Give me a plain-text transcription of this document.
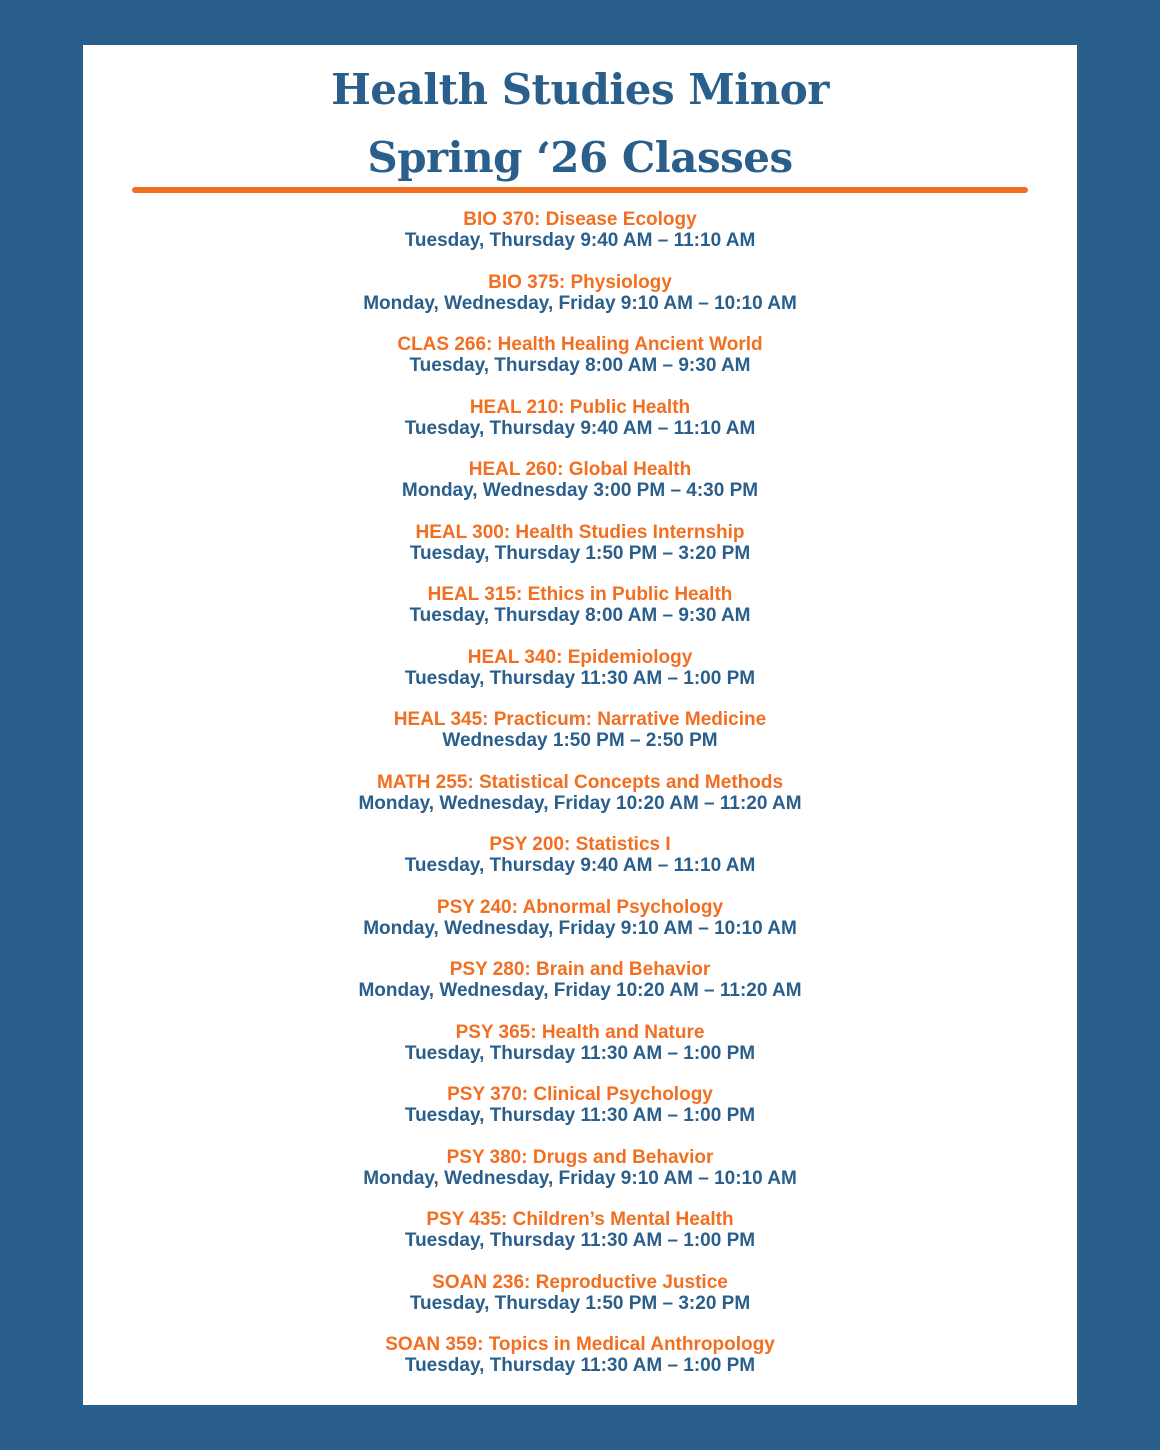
Health Studies Minor
Spring ‘26 Classes
BIO 370: Disease Ecology
Tuesday, Thursday 9:40 AM – 11:10 AM
BIO 375: Physiology
Monday, Wednesday, Friday 9:10 AM – 10:10 AM
CLAS 266: Health Healing Ancient World
Tuesday, Thursday 8:00 AM – 9:30 AM
HEAL 210: Public Health
Tuesday, Thursday 9:40 AM – 11:10 AM
HEAL 260: Global Health
Monday, Wednesday 3:00 PM – 4:30 PM
HEAL 300: Health Studies Internship
Tuesday, Thursday 1:50 PM – 3:20 PM
HEAL 315: Ethics in Public Health
Tuesday, Thursday 8:00 AM – 9:30 AM
HEAL 340: Epidemiology
Tuesday, Thursday 11:30 AM – 1:00 PM
HEAL 345: Practicum: Narrative Medicine
Wednesday 1:50 PM – 2:50 PM
MATH 255: Statistical Concepts and Methods
Monday, Wednesday, Friday 10:20 AM – 11:20 AM
PSY 200: Statistics I
Tuesday, Thursday 9:40 AM – 11:10 AM
PSY 240: Abnormal Psychology
Monday, Wednesday, Friday 9:10 AM – 10:10 AM
PSY 280: Brain and Behavior
Monday, Wednesday, Friday 10:20 AM – 11:20 AM
PSY 365: Health and Nature
Tuesday, Thursday 11:30 AM – 1:00 PM
PSY 370: Clinical Psychology
Tuesday, Thursday 11:30 AM – 1:00 PM
PSY 380: Drugs and Behavior
Monday, Wednesday, Friday 9:10 AM – 10:10 AM
PSY 435: Children’s Mental Health
Tuesday, Thursday 11:30 AM – 1:00 PM
SOAN 236: Reproductive Justice
Tuesday, Thursday 1:50 PM – 3:20 PM
SOAN 359: Topics in Medical Anthropology
Tuesday, Thursday 11:30 AM – 1:00 PM
